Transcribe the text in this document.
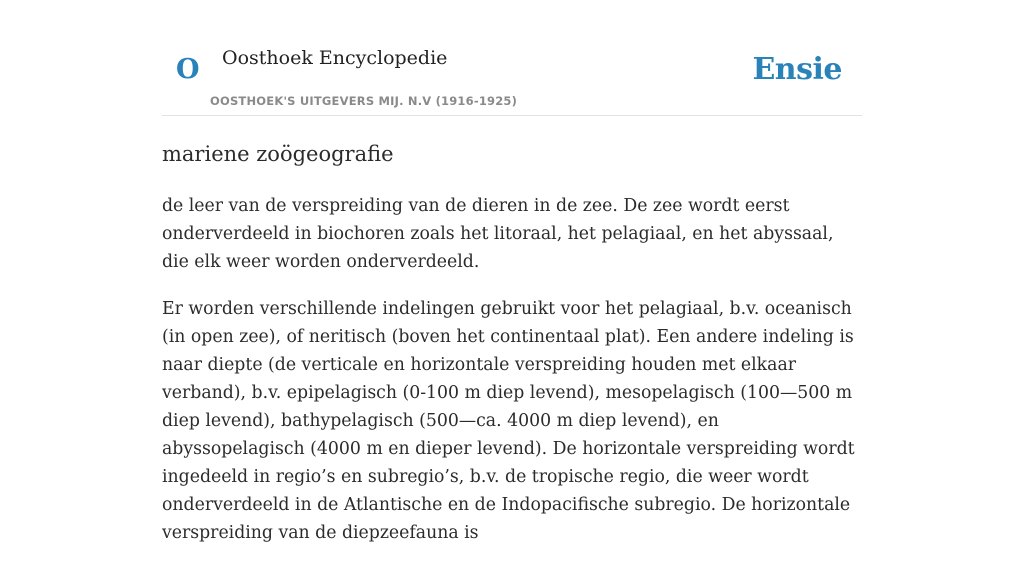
O Oosthoek Encyclopedie
OOSTHOEK'S UITGEVERS MIJ. N.V (1916-1925)
Ensie
mariene zoögeografie

de leer van de verspreiding van de dieren in de zee. De zee wordt eerst onderverdeeld in biochoren zoals het litoraal, het pelagiaal, en het abyssaal, die elk weer worden onderverdeeld.

Er worden verschillende indelingen gebruikt voor het pelagiaal, b.v. oceanisch (in open zee), of neritisch (boven het continentaal plat). Een andere indeling is naar diepte (de verticale en horizontale verspreiding houden met elkaar verband), b.v. epipelagisch (0-100 m diep levend), mesopelagisch (100—500 m diep levend), bathypelagisch (500—ca. 4000 m diep levend), en abyssopelagisch (4000 m en dieper levend). De horizontale verspreiding wordt ingedeeld in regio’s en subregio’s, b.v. de tropische regio, die weer wordt onderverdeeld in de Atlantische en de Indopacifische subregio. De horizontale verspreiding van de diepzeefauna is
